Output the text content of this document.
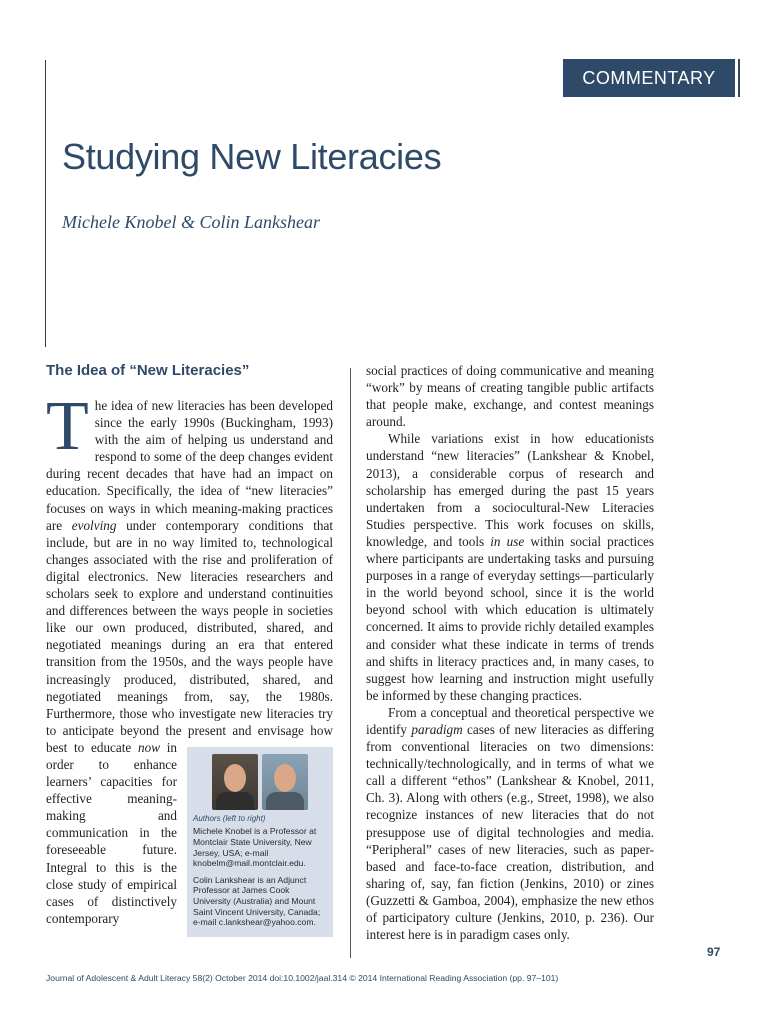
COMMENTARY
Studying New Literacies
Michele Knobel & Colin Lankshear
The Idea of “New Literacies”

The idea of new literacies has been developed since the early 1990s (Buckingham, 1993) with the aim of helping us understand and respond to some of the deep changes evident during recent decades that have had an impact on education. Specifically, the idea of “new literacies” focuses on ways in which meaning-making practices are evolving under contemporary conditions that include, but are in no way limited to, technological changes associated with the rise and proliferation of digital electronics. New literacies researchers and scholars seek to explore and understand continuities and differences between the ways people in societies like our own produced, distributed, shared, and negotiated meanings during an era that entered transition from the 1950s, and the ways people have increasingly produced, distributed, shared, and negotiated meanings from, say, the 1980s. Furthermore, those who investigate new literacies try to anticipate beyond the present and envisage how best to educate
Authors (left to right)
Michele Knobel is a Professor at Montclair State University, New Jersey, USA; e-mail knobelm@mail.montclair.edu.
Colin Lankshear is an Adjunct Professor at James Cook University (Australia) and Mount Saint Vincent University, Canada; e-mail c.lankshear@yahoo.com.
now in order to enhance learners’ capacities for effective meaning-making and communication in the foreseeable future. Integral to this is the close study of empirical cases of distinctively contemporary

social practices of doing communicative and meaning “work” by means of creating tangible public artifacts that people make, exchange, and contest meanings around.

While variations exist in how educationists understand “new literacies” (Lankshear & Knobel, 2013), a considerable corpus of research and scholarship has emerged during the past 15 years undertaken from a sociocultural-New Literacies Studies perspective. This work focuses on skills, knowledge, and tools in use within social practices where participants are undertaking tasks and pursuing purposes in a range of everyday settings—particularly in the world beyond school, since it is the world beyond school with which education is ultimately concerned. It aims to provide richly detailed examples and consider what these indicate in terms of trends and shifts in literacy practices and, in many cases, to suggest how learning and instruction might usefully be informed by these changing practices.

From a conceptual and theoretical perspective we identify paradigm cases of new literacies as differing from conventional literacies on two dimensions: technically/technologically, and in terms of what we call a different “ethos” (Lankshear & Knobel, 2011, Ch. 3). Along with others (e.g., Street, 1998), we also recognize instances of new literacies that do not presuppose use of digital technologies and media. “Peripheral” cases of new literacies, such as paper-based and face-to-face creation, distribution, and sharing of, say, fan fiction (Jenkins, 2010) or zines (Guzzetti & Gamboa, 2004), emphasize the new ethos of participatory culture (Jenkins, 2010, p. 236). Our interest here is in paradigm cases only.

97
Journal of Adolescent & Adult Literacy 58(2) October 2014 doi:10.1002/jaal.314 © 2014 International Reading Association (pp. 97–101)
